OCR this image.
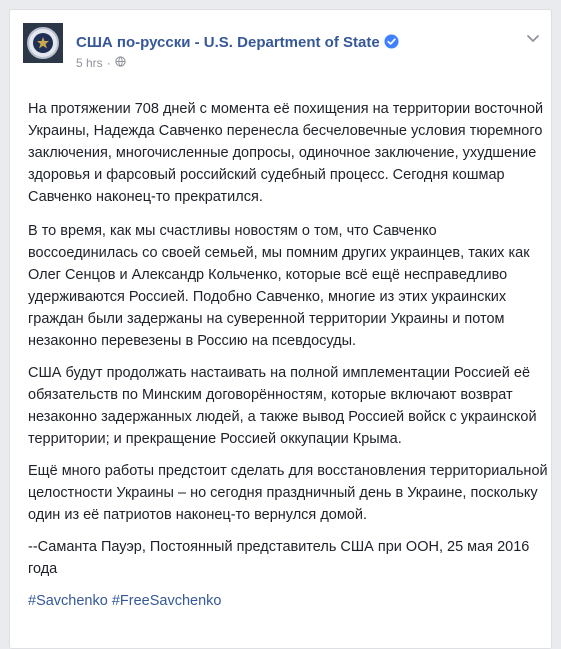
США по-русски - U.S. Department of State
5 hrs ·

На протяжении 708 дней с момента её похищения на территории восточной Украины, Надежда Савченко перенесла бесчеловечные условия тюремного заключения, многочисленные допросы, одиночное заключение, ухудшение здоровья и фарсовый российский судебный процесс. Сегодня кошмар Савченко наконец-то прекратился.

В то время, как мы счастливы новостям о том, что Савченко воссоединилась со своей семьей, мы помним других украинцев, таких как Олег Сенцов и Александр Кольченко, которые всё ещё несправедливо удерживаются Россией. Подобно Савченко, многие из этих украинских граждан были задержаны на суверенной территории Украины и потом незаконно перевезены в Россию на псевдосуды.

США будут продолжать настаивать на полной имплементации Россией её обязательств по Минским договорённостям, которые включают возврат незаконно задержанных людей, а также вывод Россией войск с украинской территории; и прекращение Россией оккупации Крыма.

Ещё много работы предстоит сделать для восстановления территориальной целостности Украины – но сегодня праздничный день в Украине, поскольку один из её патриотов наконец-то вернулся домой.

--Саманта Пауэр, Постоянный представитель США при ООН, 25 мая 2016 года

#Savchenko #FreeSavchenko
